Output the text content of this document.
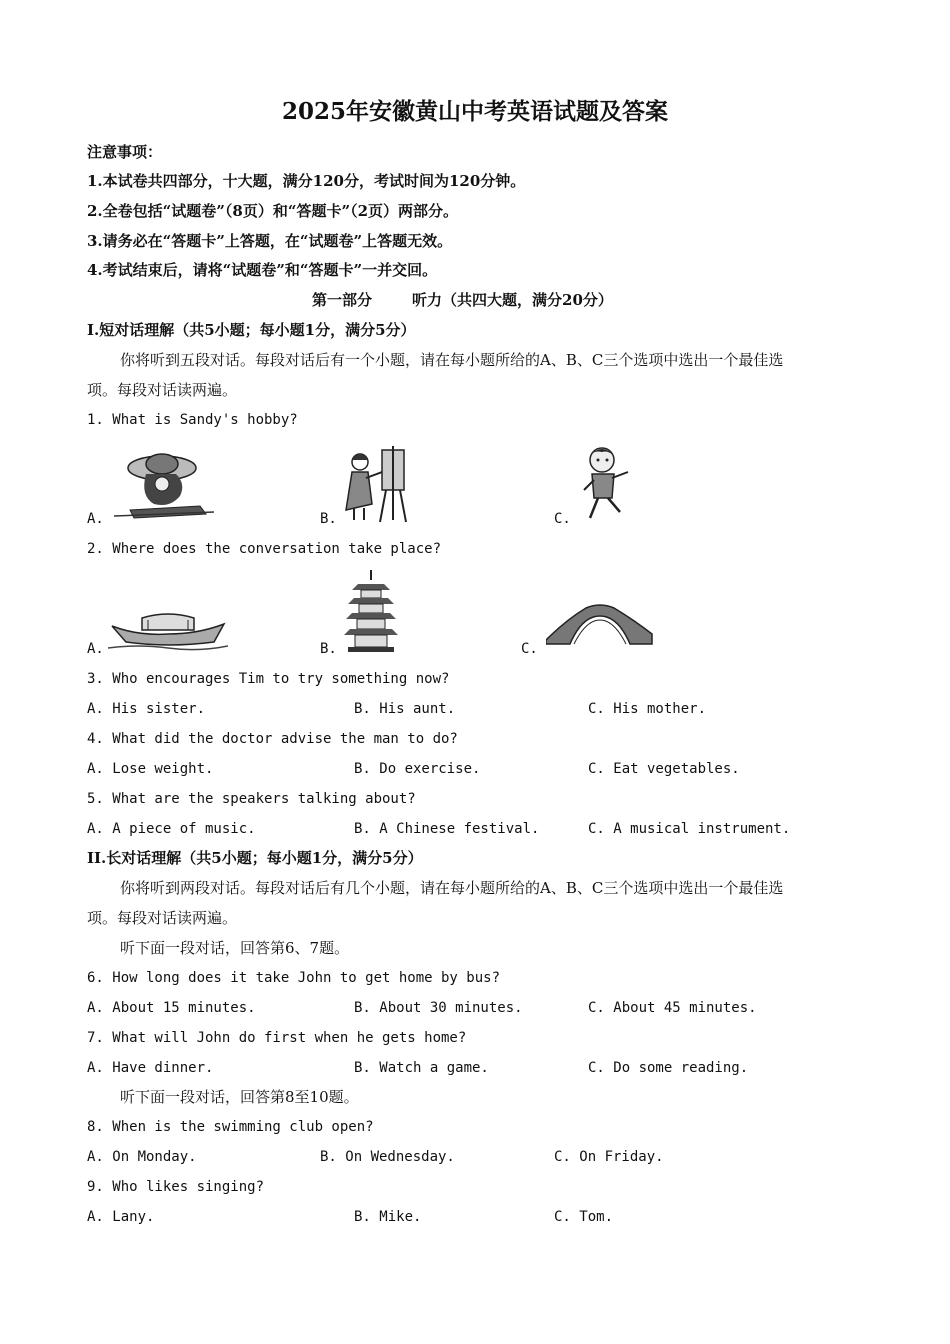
2025年安徽黄山中考英语试题及答案
注意事项：
1.本试卷共四部分，十大题，满分120分，考试时间为120分钟。
2.全卷包括“试题卷”（8页）和“答题卡”（2页）两部分。
3.请务必在“答题卡”上答题，在“试题卷”上答题无效。
4.考试结束后，请将“试题卷”和“答题卡”一并交回。
第一部分	听力（共四大题，满分20分）
I.短对话理解（共5小题；每小题1分，满分5分）
你将听到五段对话。每段对话后有一个小题，请在每小题所给的A、B、C三个选项中选出一个最佳选
项。每段对话读两遍。
1. What is Sandy's hobby?
A.	B.	C.
2. Where does the conversation take place?
A.	B.	C.
3. Who encourages Tim to try something now?
A. His sister.	B. His aunt.	C. His mother.
4. What did the doctor advise the man to do?
A. Lose weight.	B. Do exercise.	C. Eat vegetables.
5. What are the speakers talking about?
A. A piece of music.	B. A Chinese festival.	C. A musical instrument.
II.长对话理解（共5小题；每小题1分，满分5分）
你将听到两段对话。每段对话后有几个小题，请在每小题所给的A、B、C三个选项中选出一个最佳选
项。每段对话读两遍。
听下面一段对话，回答第6、7题。
6. How long does it take John to get home by bus?
A. About 15 minutes.	B. About 30 minutes.	C. About 45 minutes.
7. What will John do first when he gets home?
A. Have dinner.	B. Watch a game.	C. Do some reading.
听下面一段对话，回答第8至10题。
8. When is the swimming club open?
A. On Monday.	B. On Wednesday.	C. On Friday.
9. Who likes singing?
A. Lany.	B. Mike.	C. Tom.
